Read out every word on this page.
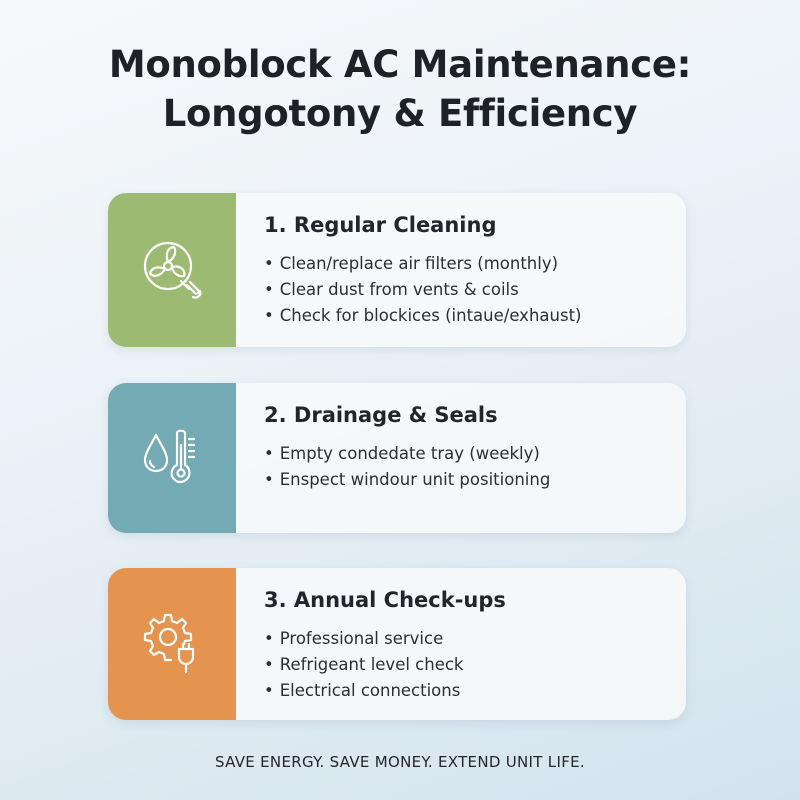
Monoblock AC Maintenance:
Longotony & Efficiency
1. Regular Cleaning
• Clean/replace air filters (monthly)
• Clear dust from vents & coils
• Check for blockices (intaue/exhaust)
2. Drainage & Seals
• Empty condedate tray (weekly)
• Enspect windour unit positioning
3. Annual Check-ups
• Professional service
• Refrigeant level check
• Electrical connections
SAVE ENERGY. SAVE MONEY. EXTEND UNIT LIFE.
